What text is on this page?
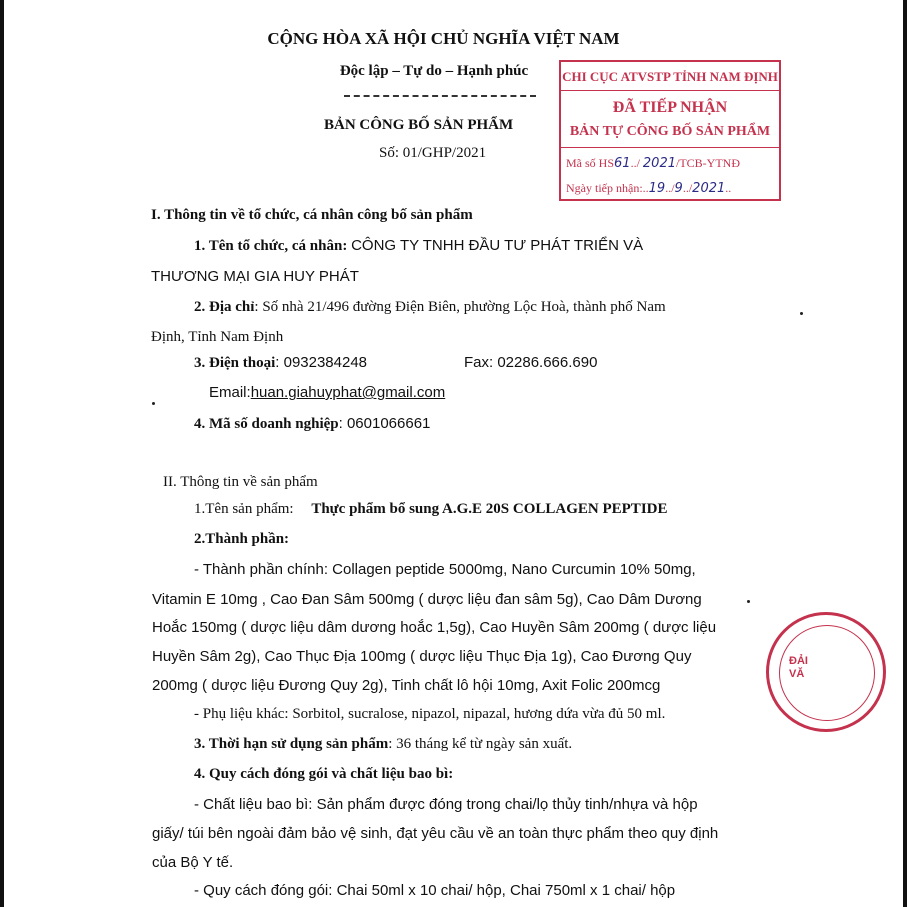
CỘNG HÒA XÃ HỘI CHỦ NGHĨA VIỆT NAM
Độc lập – Tự do – Hạnh phúc
BẢN CÔNG BỐ SẢN PHẨM
Số: 01/GHP/2021
CHI CỤC ATVSTP TỈNH NAM ĐỊNH
ĐÃ TIẾP NHẬN
BẢN TỰ CÔNG BỐ SẢN PHẨM
Mã số HS61../ 2021/TCB-YTNĐ
Ngày tiếp nhận:..19../9../2021..
ĐẢI
VĂ
I. Thông tin về tổ chức, cá nhân công bố sản phẩm
1. Tên tổ chức, cá nhân: CÔNG TY TNHH ĐẦU TƯ PHÁT TRIỂN VÀ
THƯƠNG MẠI GIA HUY PHÁT
2. Địa chỉ: Số nhà 21/496 đường Điện Biên, phường Lộc Hoà, thành phố Nam
Định, Tỉnh Nam Định
3. Điện thoại: 0932384248	Fax: 02286.666.690
Email:huan.giahuyphat@gmail.com
4. Mã số doanh nghiệp: 0601066661
II. Thông tin về sản phẩm
1.Tên sản phẩm: Thực phẩm bổ sung A.G.E 20S COLLAGEN PEPTIDE
2.Thành phần:
- Thành phần chính: Collagen peptide 5000mg, Nano Curcumin 10% 50mg,
Vitamin E 10mg , Cao Đan Sâm 500mg ( dược liệu đan sâm 5g), Cao Dâm Dương
Hoắc 150mg ( dược liệu dâm dương hoắc 1,5g), Cao Huyền Sâm 200mg ( dược liệu
Huyền Sâm 2g), Cao Thục Địa 100mg ( dược liệu Thục Địa 1g), Cao Đương Quy
200mg ( dược liệu Đương Quy 2g), Tinh chất lô hội 10mg, Axit Folic 200mcg
- Phụ liệu khác: Sorbitol, sucralose, nipazol, nipazal, hương dứa vừa đủ 50 ml.
3. Thời hạn sử dụng sản phẩm: 36 tháng kể từ ngày sản xuất.
4. Quy cách đóng gói và chất liệu bao bì:
- Chất liệu bao bì: Sản phẩm được đóng trong chai/lọ thủy tinh/nhựa và hộp
giấy/ túi bên ngoài đảm bảo vệ sinh, đạt yêu cầu về an toàn thực phẩm theo quy định
của Bộ Y tế.
- Quy cách đóng gói: Chai 50ml x 10 chai/ hộp, Chai 750ml x 1 chai/ hộp
